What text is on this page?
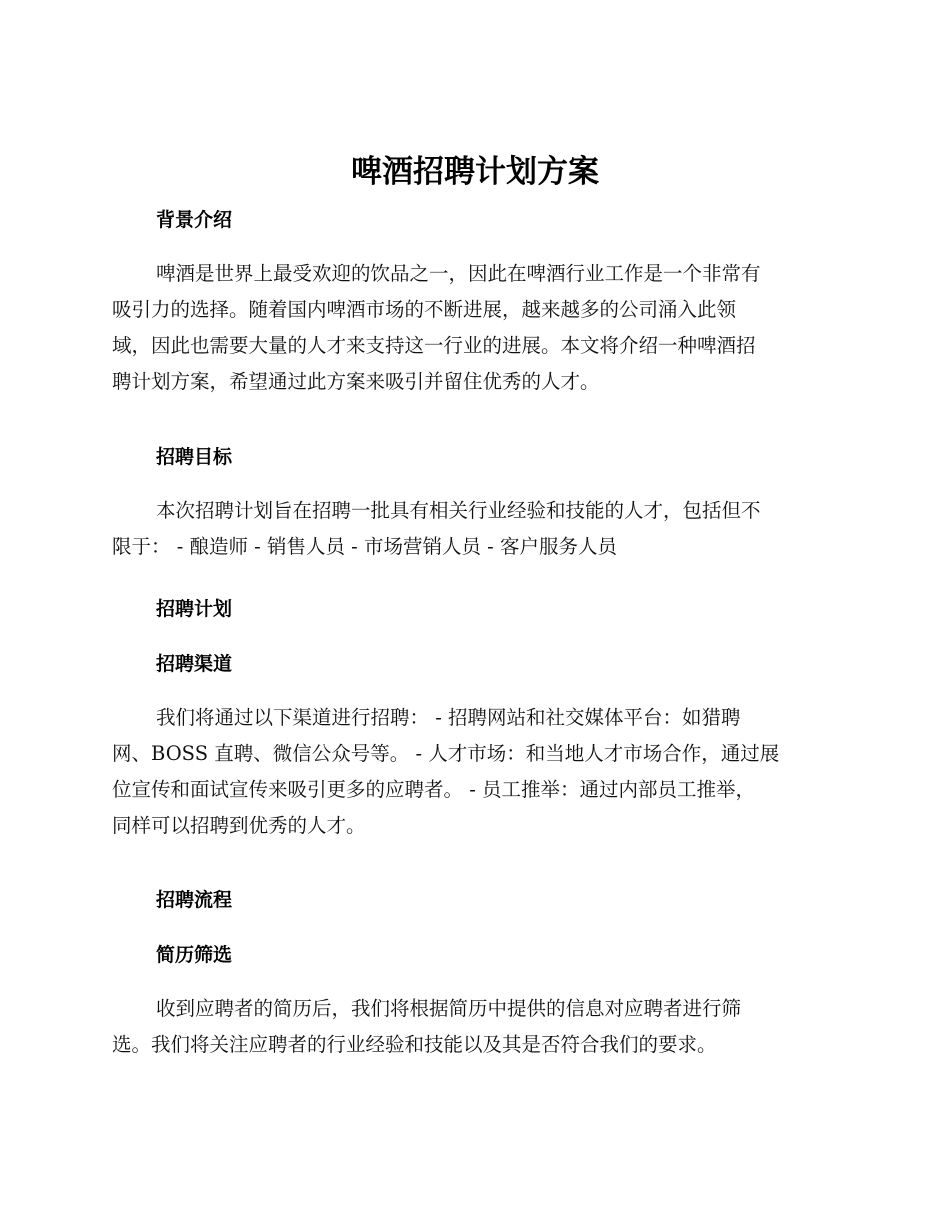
啤酒招聘计划方案
背景介绍

啤酒是世界上最受欢迎的饮品之一，因此在啤酒行业工作是一个非常有
吸引力的选择。随着国内啤酒市场的不断进展，越来越多的公司涌入此领
域，因此也需要大量的人才来支持这一行业的进展。本文将介绍一种啤酒招
聘计划方案，希望通过此方案来吸引并留住优秀的人才。

招聘目标

本次招聘计划旨在招聘一批具有相关行业经验和技能的人才，包括但不
限于： - 酿造师 - 销售人员 - 市场营销人员 - 客户服务人员

招聘计划
招聘渠道

我们将通过以下渠道进行招聘： - 招聘网站和社交媒体平台：如猎聘
网、BOSS 直聘、微信公众号等。 - 人才市场：和当地人才市场合作，通过展
位宣传和面试宣传来吸引更多的应聘者。 - 员工推举：通过内部员工推举，
同样可以招聘到优秀的人才。

招聘流程
简历筛选

收到应聘者的简历后，我们将根据简历中提供的信息对应聘者进行筛
选。我们将关注应聘者的行业经验和技能以及其是否符合我们的要求。
